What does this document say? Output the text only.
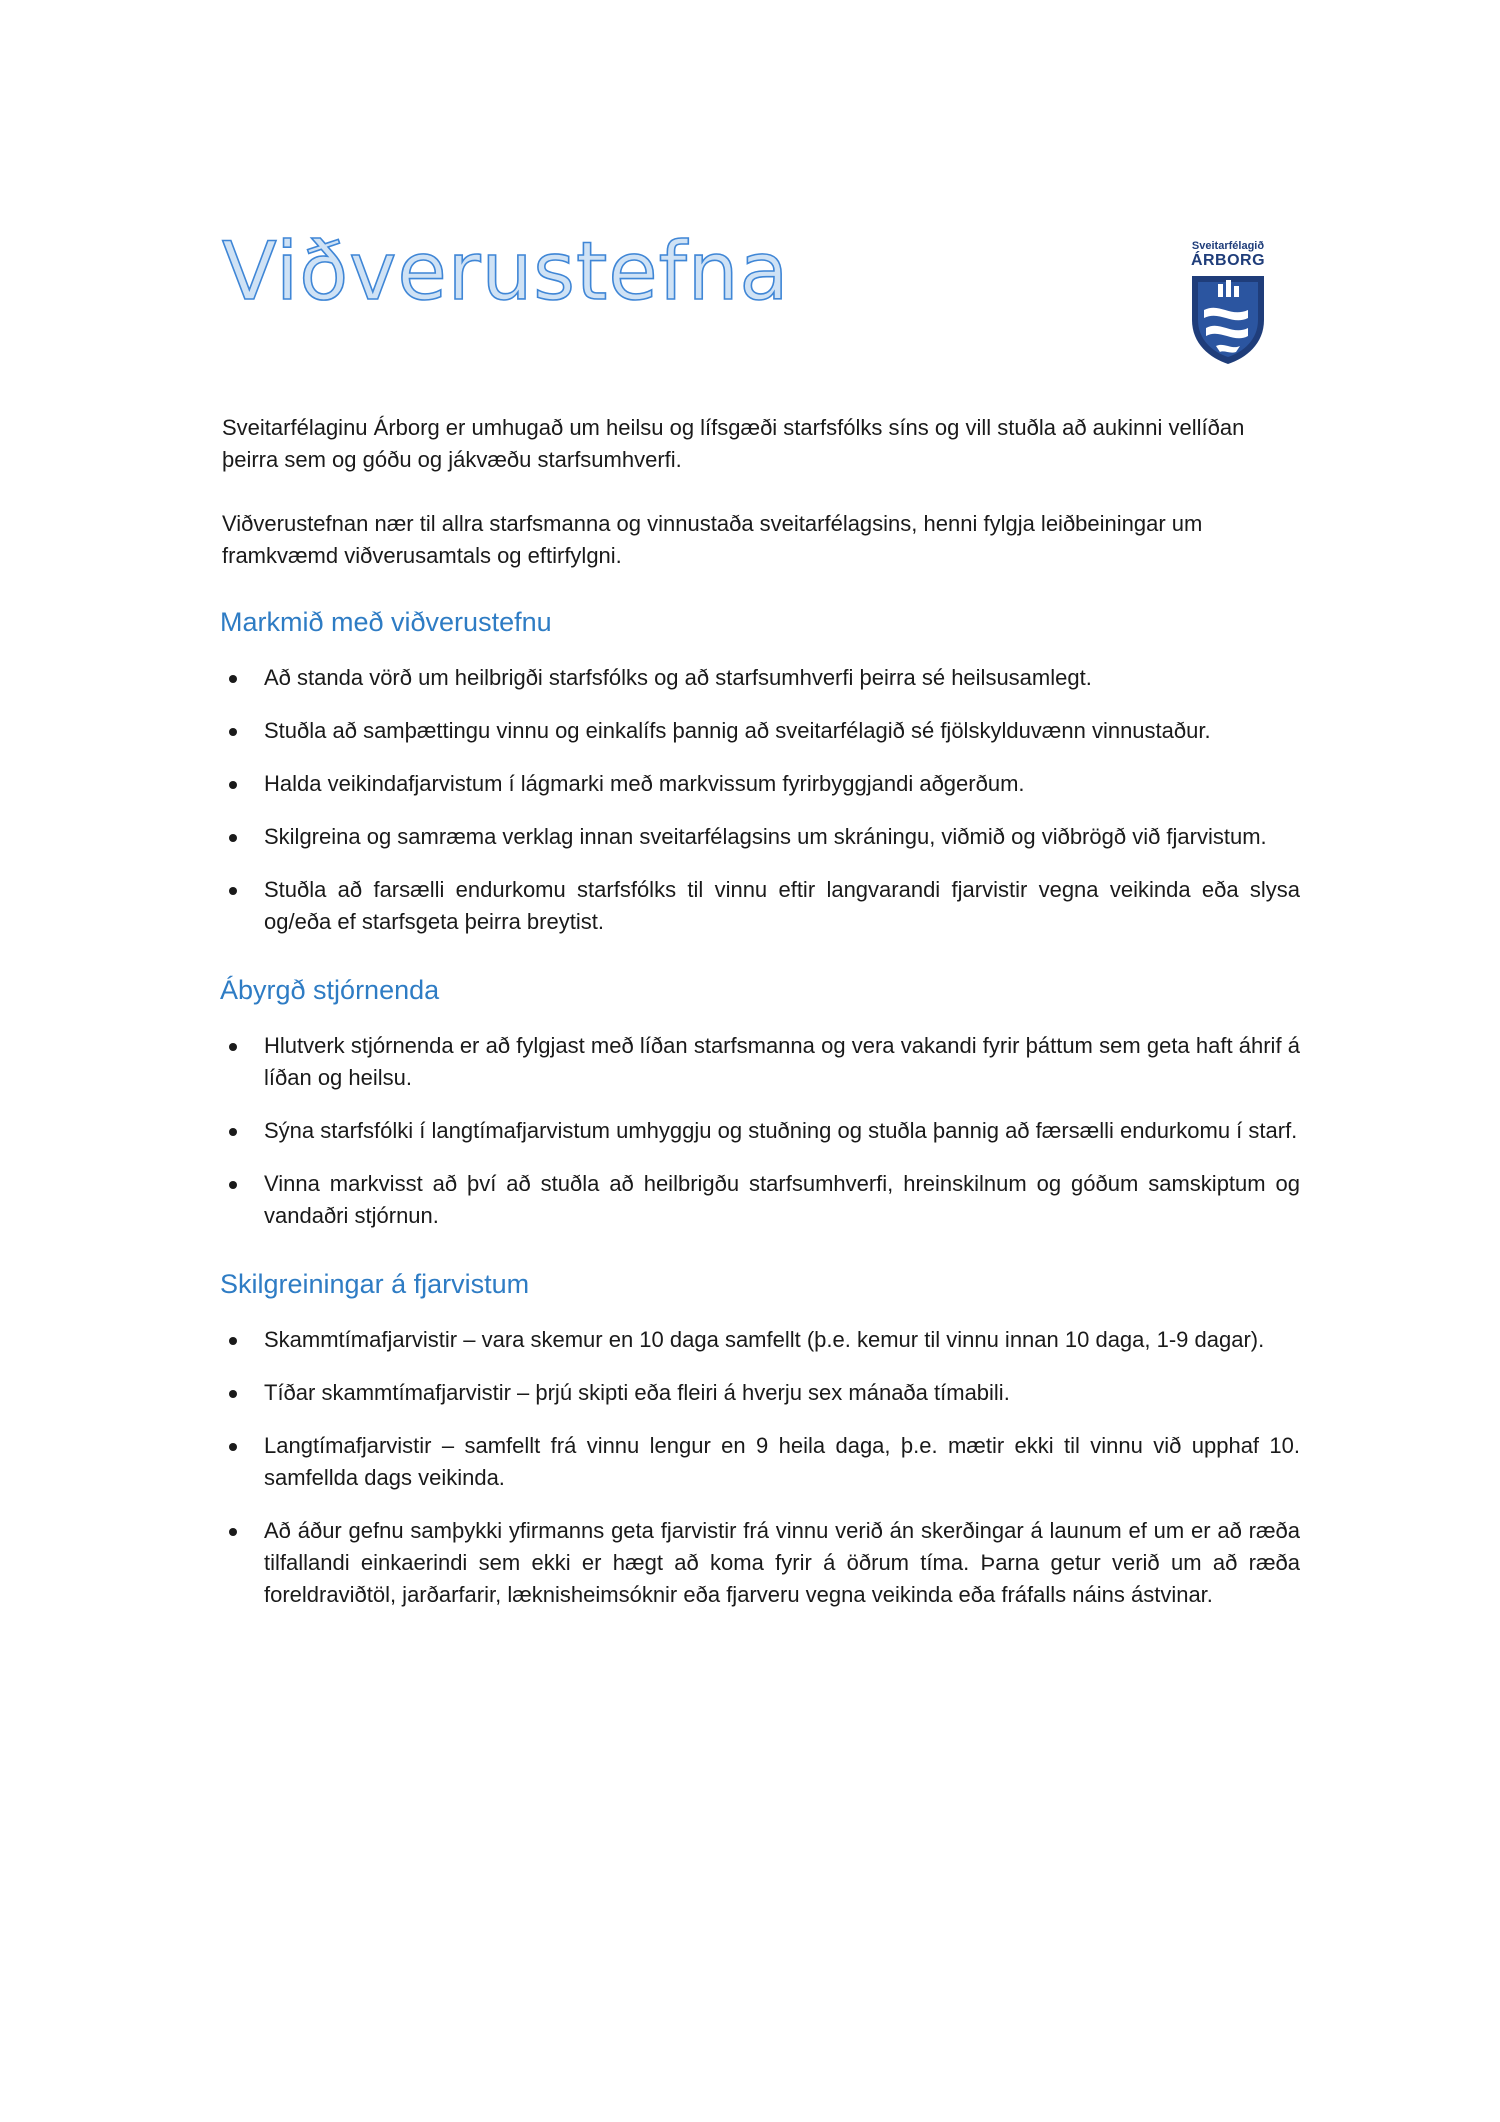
Viðverustefna	Sveitarfélagið
ÁRBORG

Sveitarfélaginu Árborg er umhugað um heilsu og lífsgæði starfsfólks síns og vill stuðla að aukinni vellíðan þeirra sem og góðu og jákvæðu starfsumhverfi.

Viðverustefnan nær til allra starfsmanna og vinnustaða sveitarfélagsins, henni fylgja leiðbeiningar um framkvæmd viðverusamtals og eftirfylgni.

Markmið með viðverustefnu
Að standa vörð um heilbrigði starfsfólks og að starfsumhverfi þeirra sé heilsusamlegt.
Stuðla að samþættingu vinnu og einkalífs þannig að sveitarfélagið sé fjölskylduvænn vinnustaður.
Halda veikindafjarvistum í lágmarki með markvissum fyrirbyggjandi aðgerðum.
Skilgreina og samræma verklag innan sveitarfélagsins um skráningu, viðmið og viðbrögð við fjarvistum.
Stuðla að farsælli endurkomu starfsfólks til vinnu eftir langvarandi fjarvistir vegna veikinda eða slysa og/eða ef starfsgeta þeirra breytist.
Ábyrgð stjórnenda
Hlutverk stjórnenda er að fylgjast með líðan starfsmanna og vera vakandi fyrir þáttum sem geta haft áhrif á líðan og heilsu.
Sýna starfsfólki í langtímafjarvistum umhyggju og stuðning og stuðla þannig að færsælli endurkomu í starf.
Vinna markvisst að því að stuðla að heilbrigðu starfsumhverfi, hreinskilnum og góðum samskiptum og vandaðri stjórnun.
Skilgreiningar á fjarvistum
Skammtímafjarvistir – vara skemur en 10 daga samfellt (þ.e. kemur til vinnu innan 10 daga, 1-9 dagar).
Tíðar skammtímafjarvistir – þrjú skipti eða fleiri á hverju sex mánaða tímabili.
Langtímafjarvistir – samfellt frá vinnu lengur en 9 heila daga, þ.e. mætir ekki til vinnu við upphaf 10. samfellda dags veikinda.
Að áður gefnu samþykki yfirmanns geta fjarvistir frá vinnu verið án skerðingar á launum ef um er að ræða tilfallandi einkaerindi sem ekki er hægt að koma fyrir á öðrum tíma. Þarna getur verið um að ræða foreldraviðtöl, jarðarfarir, læknisheimsóknir eða fjarveru vegna veikinda eða fráfalls náins ástvinar.
